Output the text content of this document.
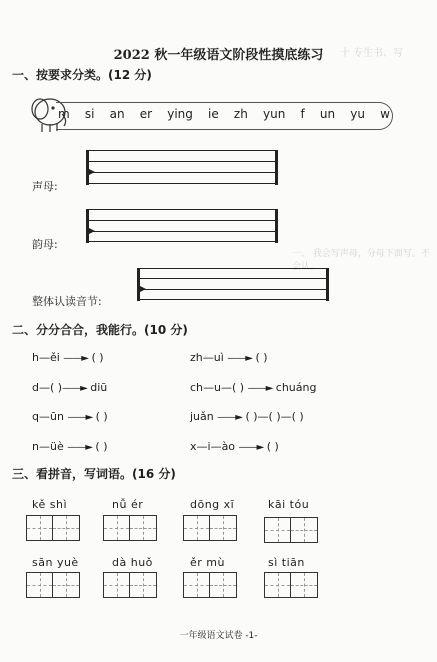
2022 秋一年级语文阶段性摸底练习	十 专生书、写
一、按要求分类。(12 分)
m si an er ying ie zh yun f un yu w
声母:
韵母:
一、 我会写声母，分母下面写。不会认。
整体认读音节:
二、分分合合，我能行。(10 分)
h—ěi ——► ( )	zh—uì ——► ( )
d—( )——► diū	ch—u—( ) ——► chuáng
q—ūn ——► ( )	juǎn ——► ( )—( )—( )
n—üè ——► ( )	x—i—ào ——► ( )
三、看拼音，写词语。(16 分)
kě shì	nǚ ér	dōng xī	kāi tóu
sān yuè	dà huǒ	ěr mù	sì tiān
一年级语文试卷 -1-
